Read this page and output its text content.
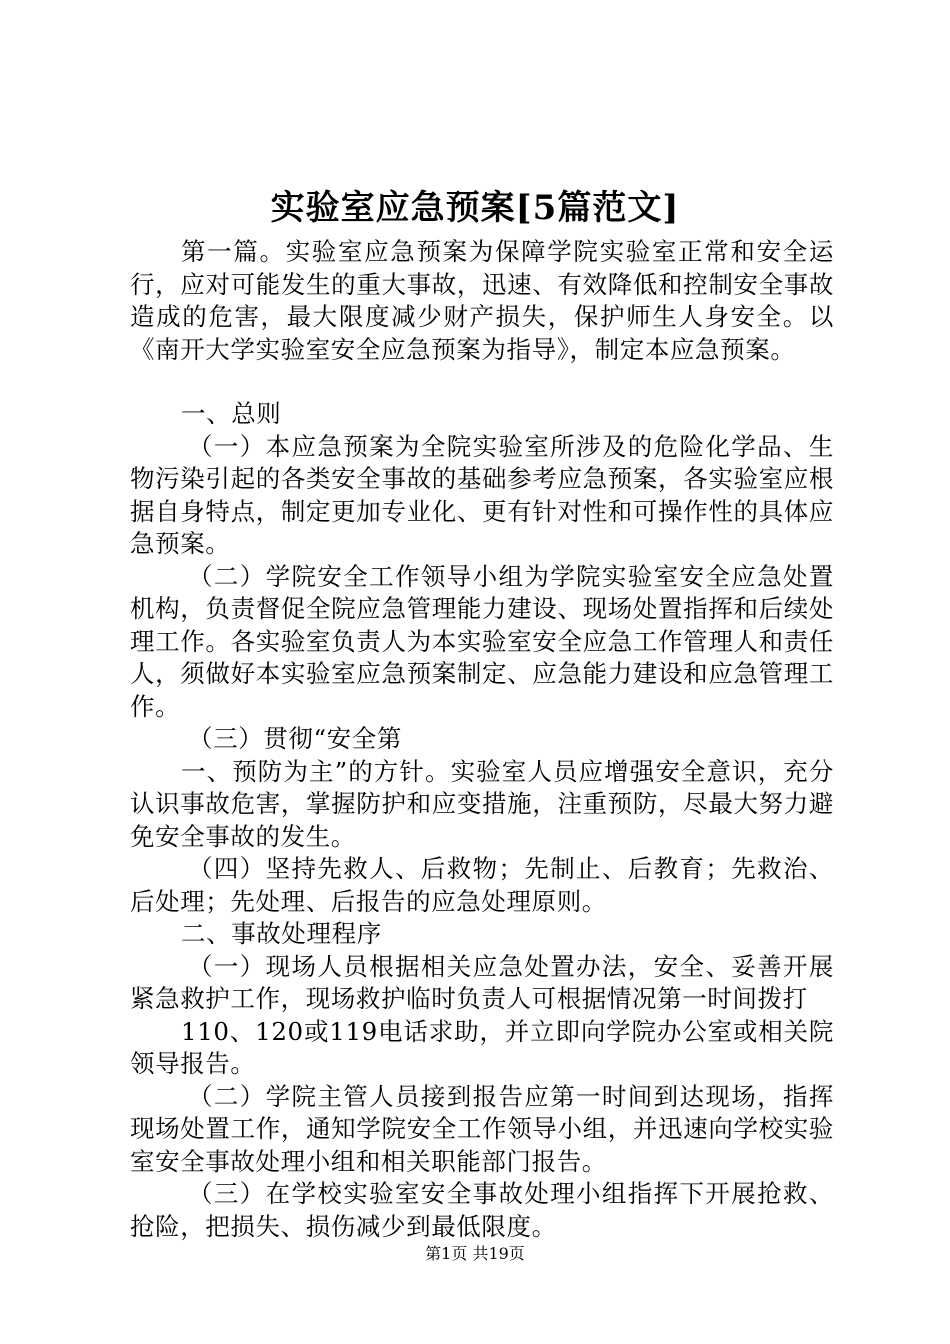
实验室应急预案[5篇范文]

第一篇。实验室应急预案为保障学院实验室正常和安全运行，应对可能发生的重大事故，迅速、有效降低和控制安全事故造成的危害，最大限度减少财产损失，保护师生人身安全。以《南开大学实验室安全应急预案为指导》，制定本应急预案。

一、总则

（一）本应急预案为全院实验室所涉及的危险化学品、生物污染引起的各类安全事故的基础参考应急预案，各实验室应根据自身特点，制定更加专业化、更有针对性和可操作性的具体应急预案。

（二）学院安全工作领导小组为学院实验室安全应急处置机构，负责督促全院应急管理能力建设、现场处置指挥和后续处理工作。各实验室负责人为本实验室安全应急工作管理人和责任人，须做好本实验室应急预案制定、应急能力建设和应急管理工作。

（三）贯彻“安全第

一、预防为主”的方针。实验室人员应增强安全意识，充分认识事故危害，掌握防护和应变措施，注重预防，尽最大努力避免安全事故的发生。

（四）坚持先救人、后救物；先制止、后教育；先救治、后处理；先处理、后报告的应急处理原则。

二、事故处理程序

（一）现场人员根据相关应急处置办法，安全、妥善开展紧急救护工作，现场救护临时负责人可根据情况第一时间拨打

110、120或119电话求助，并立即向学院办公室或相关院领导报告。

（二）学院主管人员接到报告应第一时间到达现场，指挥现场处置工作，通知学院安全工作领导小组，并迅速向学校实验室安全事故处理小组和相关职能部门报告。

（三）在学校实验室安全事故处理小组指挥下开展抢救、抢险，把损失、损伤减少到最低限度。

第1页 共19页
